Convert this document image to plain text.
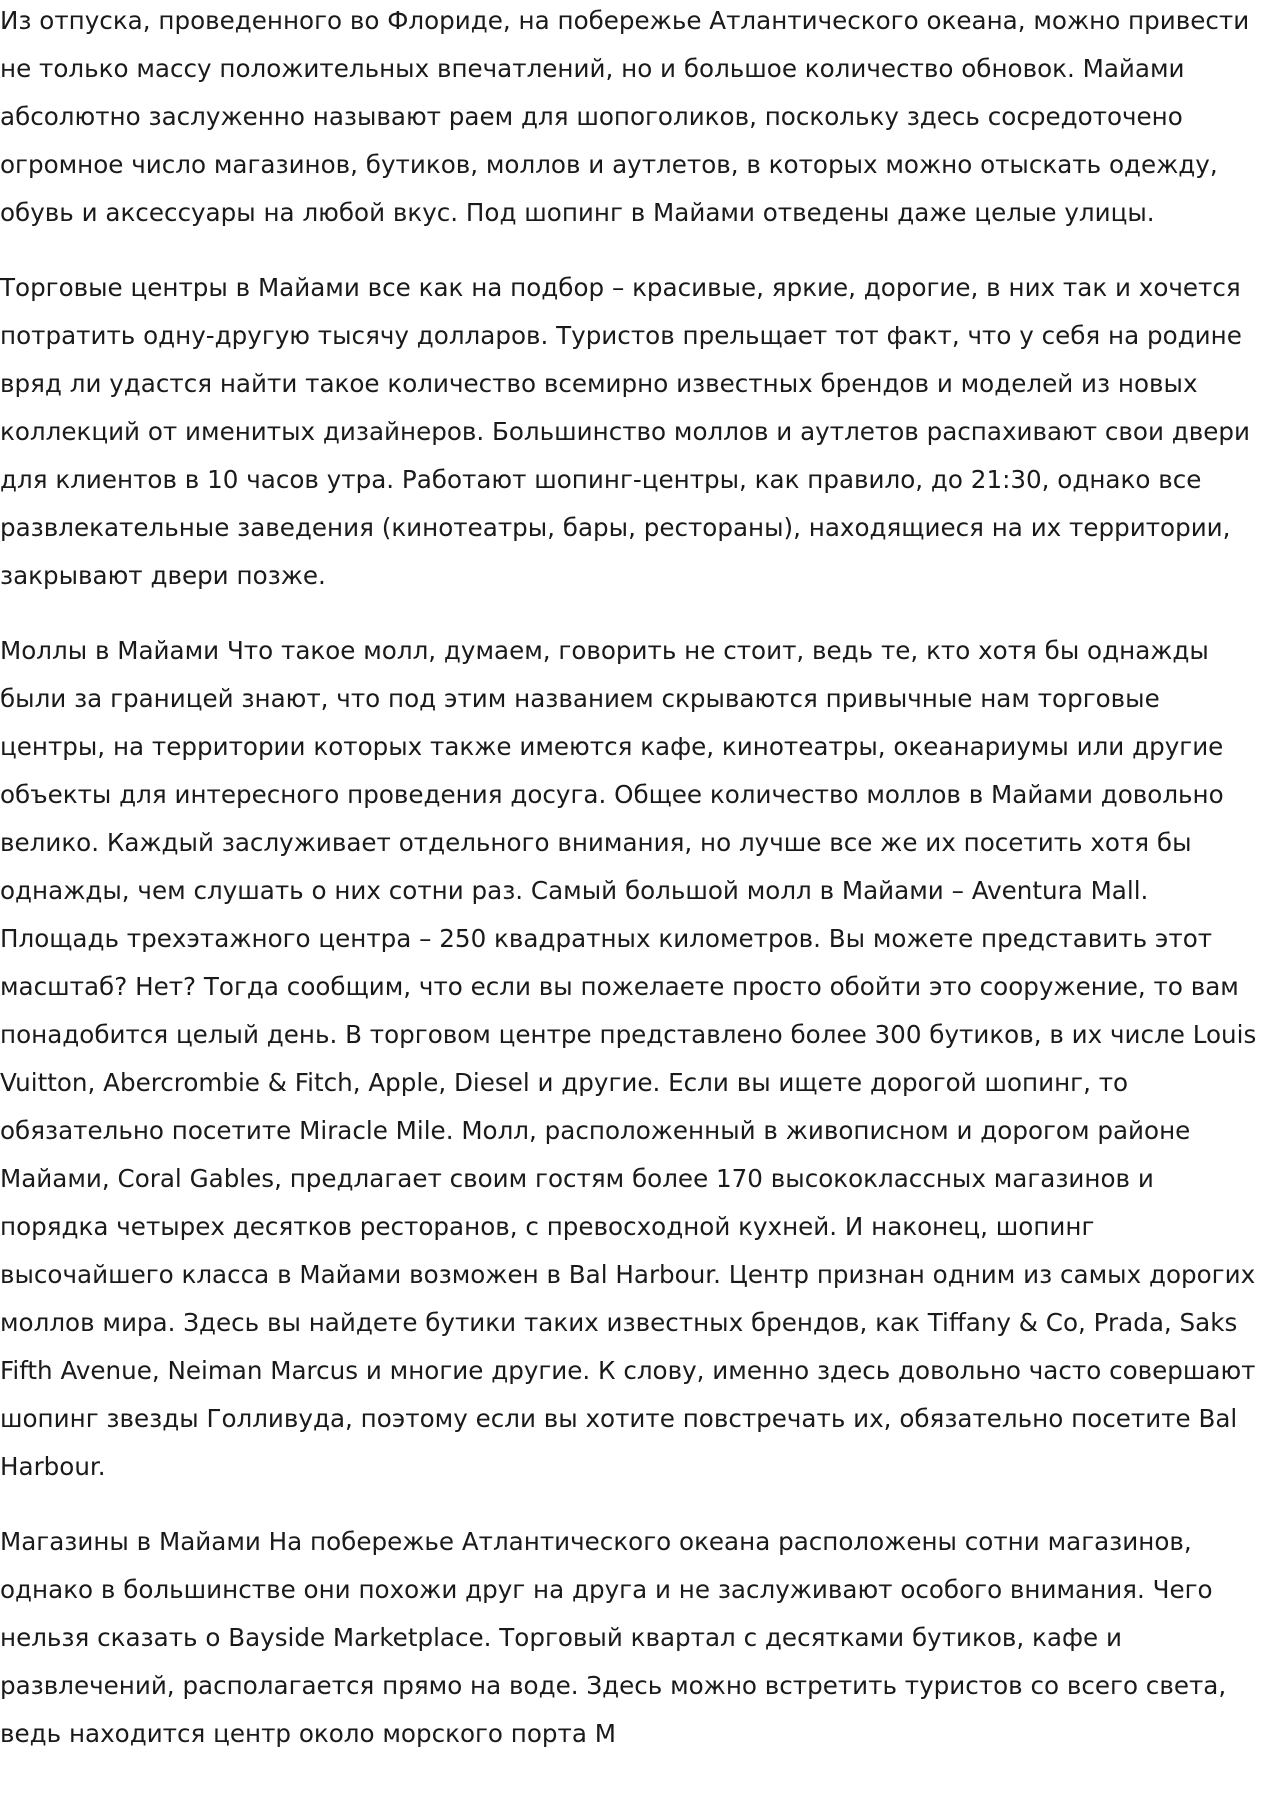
Из отпуска, проведенного во Флориде, на побережье Атлантического океана, можно привести не только массу положительных впечатлений, но и большое количество обновок. Майами абсолютно заслуженно называют раем для шопоголиков, поскольку здесь сосредоточено огромное число магазинов, бутиков, моллов и аутлетов, в которых можно отыскать одежду, обувь и аксессуары на любой вкус. Под шопинг в Майами отведены даже целые улицы.

Торговые центры в Майами все как на подбор – красивые, яркие, дорогие, в них так и хочется потратить одну-другую тысячу долларов. Туристов прельщает тот факт, что у себя на родине вряд ли удастся найти такое количество всемирно известных брендов и моделей из новых коллекций от именитых дизайнеров. Большинство моллов и аутлетов распахивают свои двери для клиентов в 10 часов утра. Работают шопинг-центры, как правило, до 21:30, однако все развлекательные заведения (кинотеатры, бары, рестораны), находящиеся на их территории, закрывают двери позже.

Моллы в Майами Что такое молл, думаем, говорить не стоит, ведь те, кто хотя бы однажды были за границей знают, что под этим названием скрываются привычные нам торговые центры, на территории которых также имеются кафе, кинотеатры, океанариумы или другие объекты для интересного проведения досуга. Общее количество моллов в Майами довольно велико. Каждый заслуживает отдельного внимания, но лучше все же их посетить хотя бы однажды, чем слушать о них сотни раз. Самый большой молл в Майами – Aventura Mall. Площадь трехэтажного центра – 250 квадратных километров. Вы можете представить этот масштаб? Нет? Тогда сообщим, что если вы пожелаете просто обойти это сооружение, то вам понадобится целый день. В торговом центре представлено более 300 бутиков, в их числе Louis Vuitton, Abercrombie & Fitch, Apple, Diesel и другие. Если вы ищете дорогой шопинг, то обязательно посетите Miracle Mile. Молл, расположенный в живописном и дорогом районе Майами, Coral Gables, предлагает своим гостям более 170 высококлассных магазинов и порядка четырех десятков ресторанов, с превосходной кухней. И наконец, шопинг высочайшего класса в Майами возможен в Bal Harbour. Центр признан одним из самых дорогих моллов мира. Здесь вы найдете бутики таких известных брендов, как Tiffany & Co, Prada, Saks Fifth Avenue, Neiman Marcus и многие другие. К слову, именно здесь довольно часто совершают шопинг звезды Голливуда, поэтому если вы хотите повстречать их, обязательно посетите Bal Harbour.

Магазины в Майами На побережье Атлантического океана расположены сотни магазинов, однако в большинстве они похожи друг на друга и не заслуживают особого внимания. Чего нельзя сказать о Bayside Marketplace. Торговый квартал с десятками бутиков, кафе и развлечений, располагается прямо на воде. Здесь можно встретить туристов со всего света, ведь находится центр около морского порта М
